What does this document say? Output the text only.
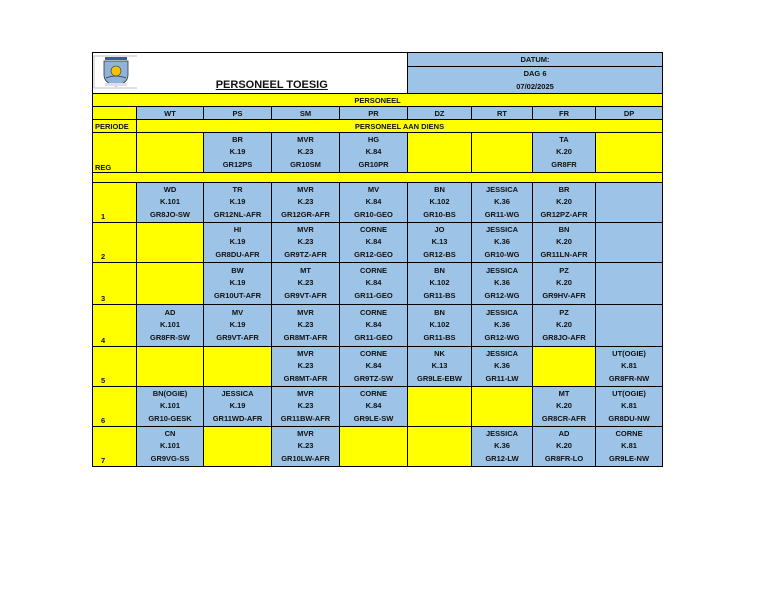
	PERSONEEL TOESIG				DATUM:			
					DAG 6			
					07/02/2025			
PERSONEEL								
	WT	PS	SM	PR	DZ	RT	FR	DP
PERIODE	PERSONEEL AAN DIENS							
REG		BR
K.19
GR12PS	MVR
K.23
GR10SM	HG
K.84
GR10PR			TA
K.20
GR8FR	

1	WD
K.101
GR8JO-SW	TR
K.19
GR12NL-AFR	MVR
K.23
GR12GR-AFR	MV
K.84
GR10-GEO	BN
K.102
GR10-BS	JESSICA
K.36
GR11-WG	BR
K.20
GR12PZ-AFR	

2		HI
K.19
GR8DU-AFR	MVR
K.23
GR9TZ-AFR	CORNE
K.84
GR12-GEO	JO
K.13
GR12-BS	JESSICA
K.36
GR10-WG	BN
K.20
GR11LN-AFR	

3		BW
K.19
GR10UT-AFR	MT
K.23
GR9VT-AFR	CORNE
K.84
GR11-GEO	BN
K.102
GR11-BS	JESSICA
K.36
GR12-WG	PZ
K.20
GR9HV-AFR	

4	AD
K.101
GR8FR-SW	MV
K.19
GR9VT-AFR	MVR
K.23
GR8MT-AFR	CORNE
K.84
GR11-GEO	BN
K.102
GR11-BS	JESSICA
K.36
GR12-WG	PZ
K.20
GR8JO-AFR	

5			MVR
K.23
GR8MT-AFR	CORNE
K.84
GR9TZ-SW	NK
K.13
GR9LE-EBW	JESSICA
K.36
GR11-LW		UT(OGIE)
K.81
GR8FR-NW

6	BN(OGIE)
K.101
GR10-GESK	JESSICA
K.19
GR11WD-AFR	MVR
K.23
GR11BW-AFR	CORNE
K.84
GR9LE-SW			MT
K.20
GR8CR-AFR	UT(OGIE)
K.81
GR8DU-NW

7	CN
K.101
GR9VG-SS		MVR
K.23
GR10LW-AFR			JESSICA
K.36
GR12-LW	AD
K.20
GR8FR-LO	CORNE
K.81
GR9LE-NW
